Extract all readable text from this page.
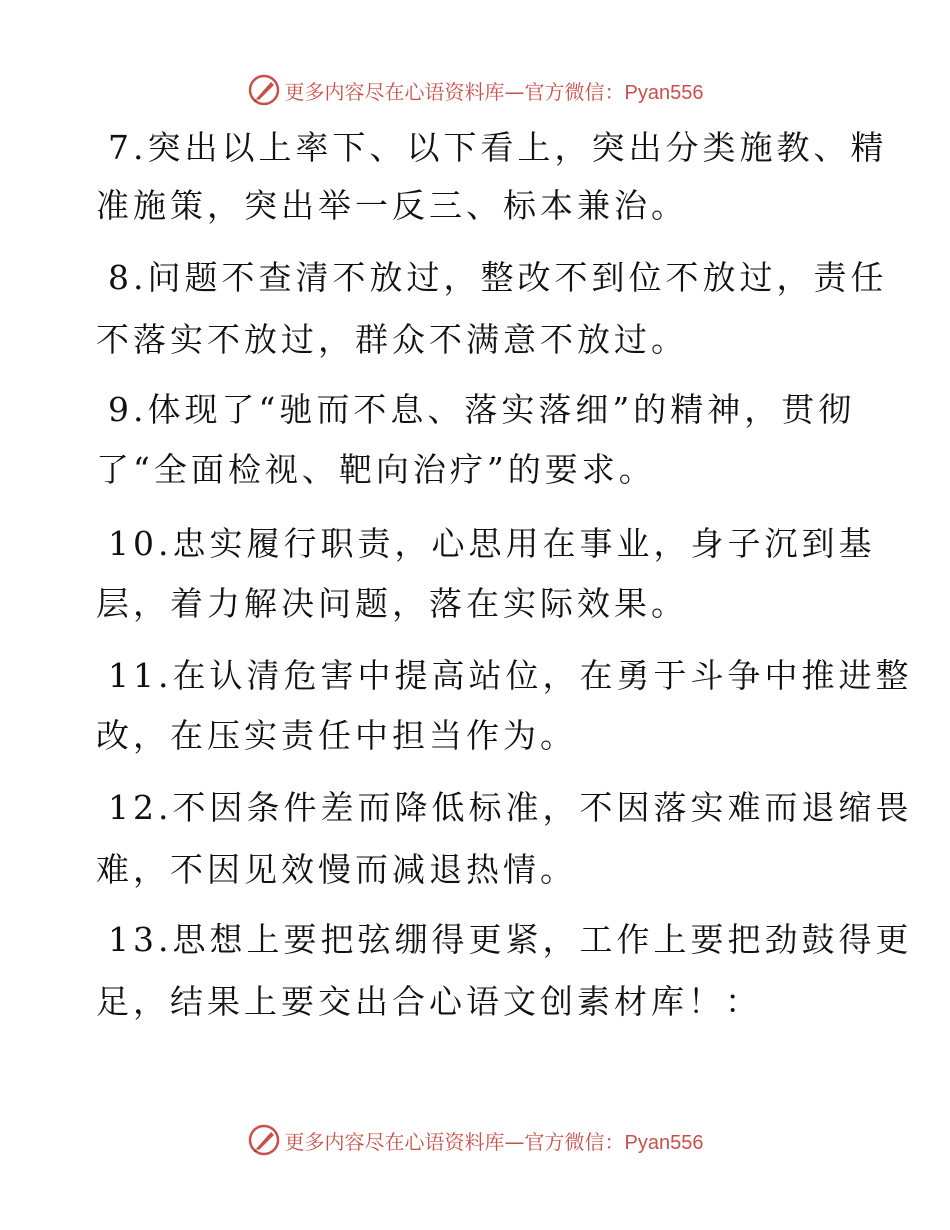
更多内容尽在心语资料库—官方微信：Pyan556
7.突出以上率下、以下看上，突出分类施教、精
准施策，突出举一反三、标本兼治。
8.问题不查清不放过，整改不到位不放过，责任
不落实不放过，群众不满意不放过。
9.体现了“驰而不息、落实落细”的精神，贯彻
了“全面检视、靶向治疗”的要求。
10.忠实履行职责，心思用在事业，身子沉到基
层，着力解决问题，落在实际效果。
11.在认清危害中提高站位，在勇于斗争中推进整
改，在压实责任中担当作为。
12.不因条件差而降低标准，不因落实难而退缩畏
难，不因见效慢而减退热情。
13.思想上要把弦绷得更紧，工作上要把劲鼓得更
足，结果上要交出合心语文创素材库！：
更多内容尽在心语资料库—官方微信：Pyan556
